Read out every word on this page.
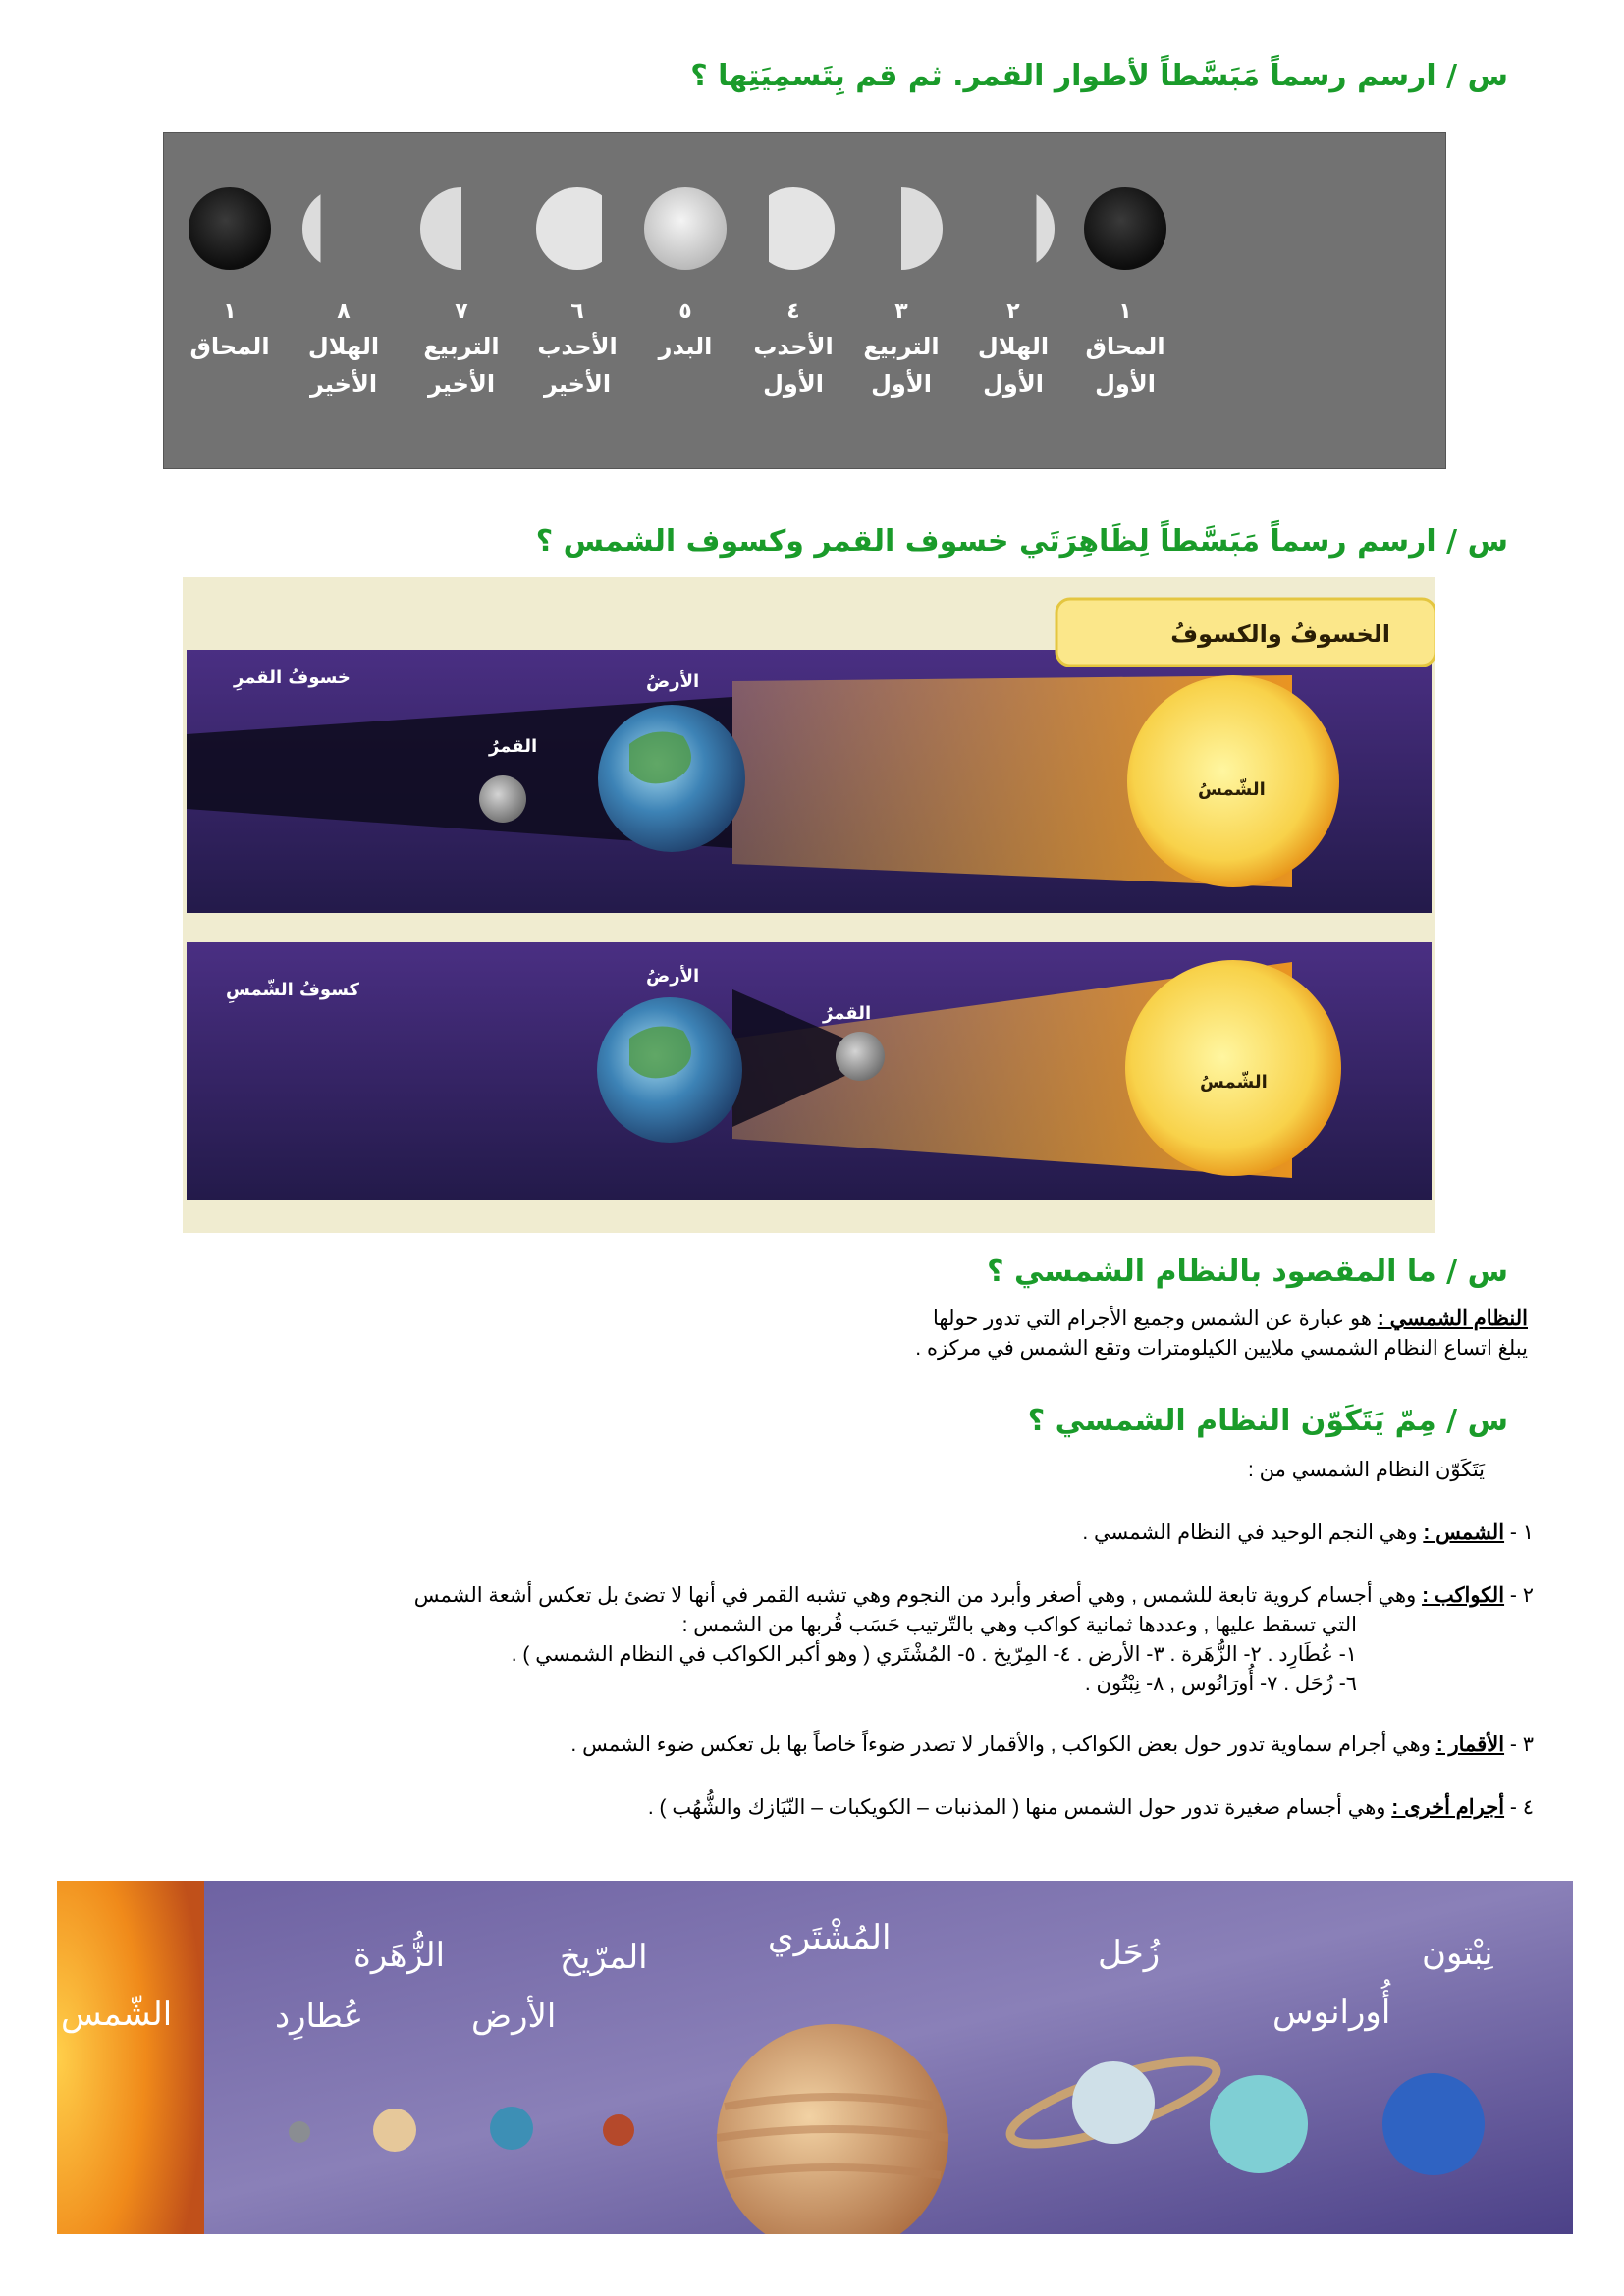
س / ارسم رسماً مَبَسَّطاً لأطوار القمر. ثم قم بِتَسمِيَتِها ؟
١
المحاق
٨
الهلال
الأخير
٧
التربيع
الأخير
٦
الأحدب
الأخير
٥
البدر
٤
الأحدب
الأول
٣
التربيع
الأول
٢
الهلال
الأول
١
المحاق
الأول
س / ارسم رسماً مَبَسَّطاً لِظَاهِرَتَي خسوف القمر وكسوف الشمس ؟
الخسوفُ والكسوفُ
خسوفُ القمرِ	الأرضُ
القمرُ
الشّمسُ
كسوفُ الشّمسِ
الأرضُ
القمرُ
الشّمسُ
س / ما المقصود بالنظام الشمسي ؟
النظام الشمسي : هو عبارة عن الشمس وجميع الأجرام التي تدور حولها
يبلغ اتساع النظام الشمسي ملايين الكيلومترات وتقع الشمس في مركزه .
س / مِمّ يَتَكَوّن النظام الشمسي ؟
يَتَكَوّن النظام الشمسي من :
١ - الشمس : وهي النجم الوحيد في النظام الشمسي .
٢ - الكواكب : وهي أجسام كروية تابعة للشمس , وهي أصغر وأبرد من النجوم وهي تشبه القمر في أنها لا تضئ بل تعكس أشعة الشمس
التي تسقط عليها , وعددها ثمانية كواكب وهي بالتّرتيب حَسَب قُربها من الشمس :
١- عُطَارِد . ٢- الزُّهَرة . ٣- الأرض . ٤- المِرّيخ . ٥- المُشْتَري ( وهو أكبر الكواكب في النظام الشمسي ) .
٦- زُحَل . ٧- أُورَانُوس , ٨- نِبْتُون .
٣ - الأقمار : وهي أجرام سماوية تدور حول بعض الكواكب , والأقمار لا تصدر ضوءاً خاصاً بها بل تعكس ضوء الشمس .
٤ - أجرام أخرى : وهي أجسام صغيرة تدور حول الشمس منها ( المذنبات – الكويكبات – النّيَازك والشُّهُب ) .
الشّمس	عُطارِد
الزُّهَرة
الأرض
المرّيخ	المُشْتَري	زُحَل
أُورانوس
نِبْتون
